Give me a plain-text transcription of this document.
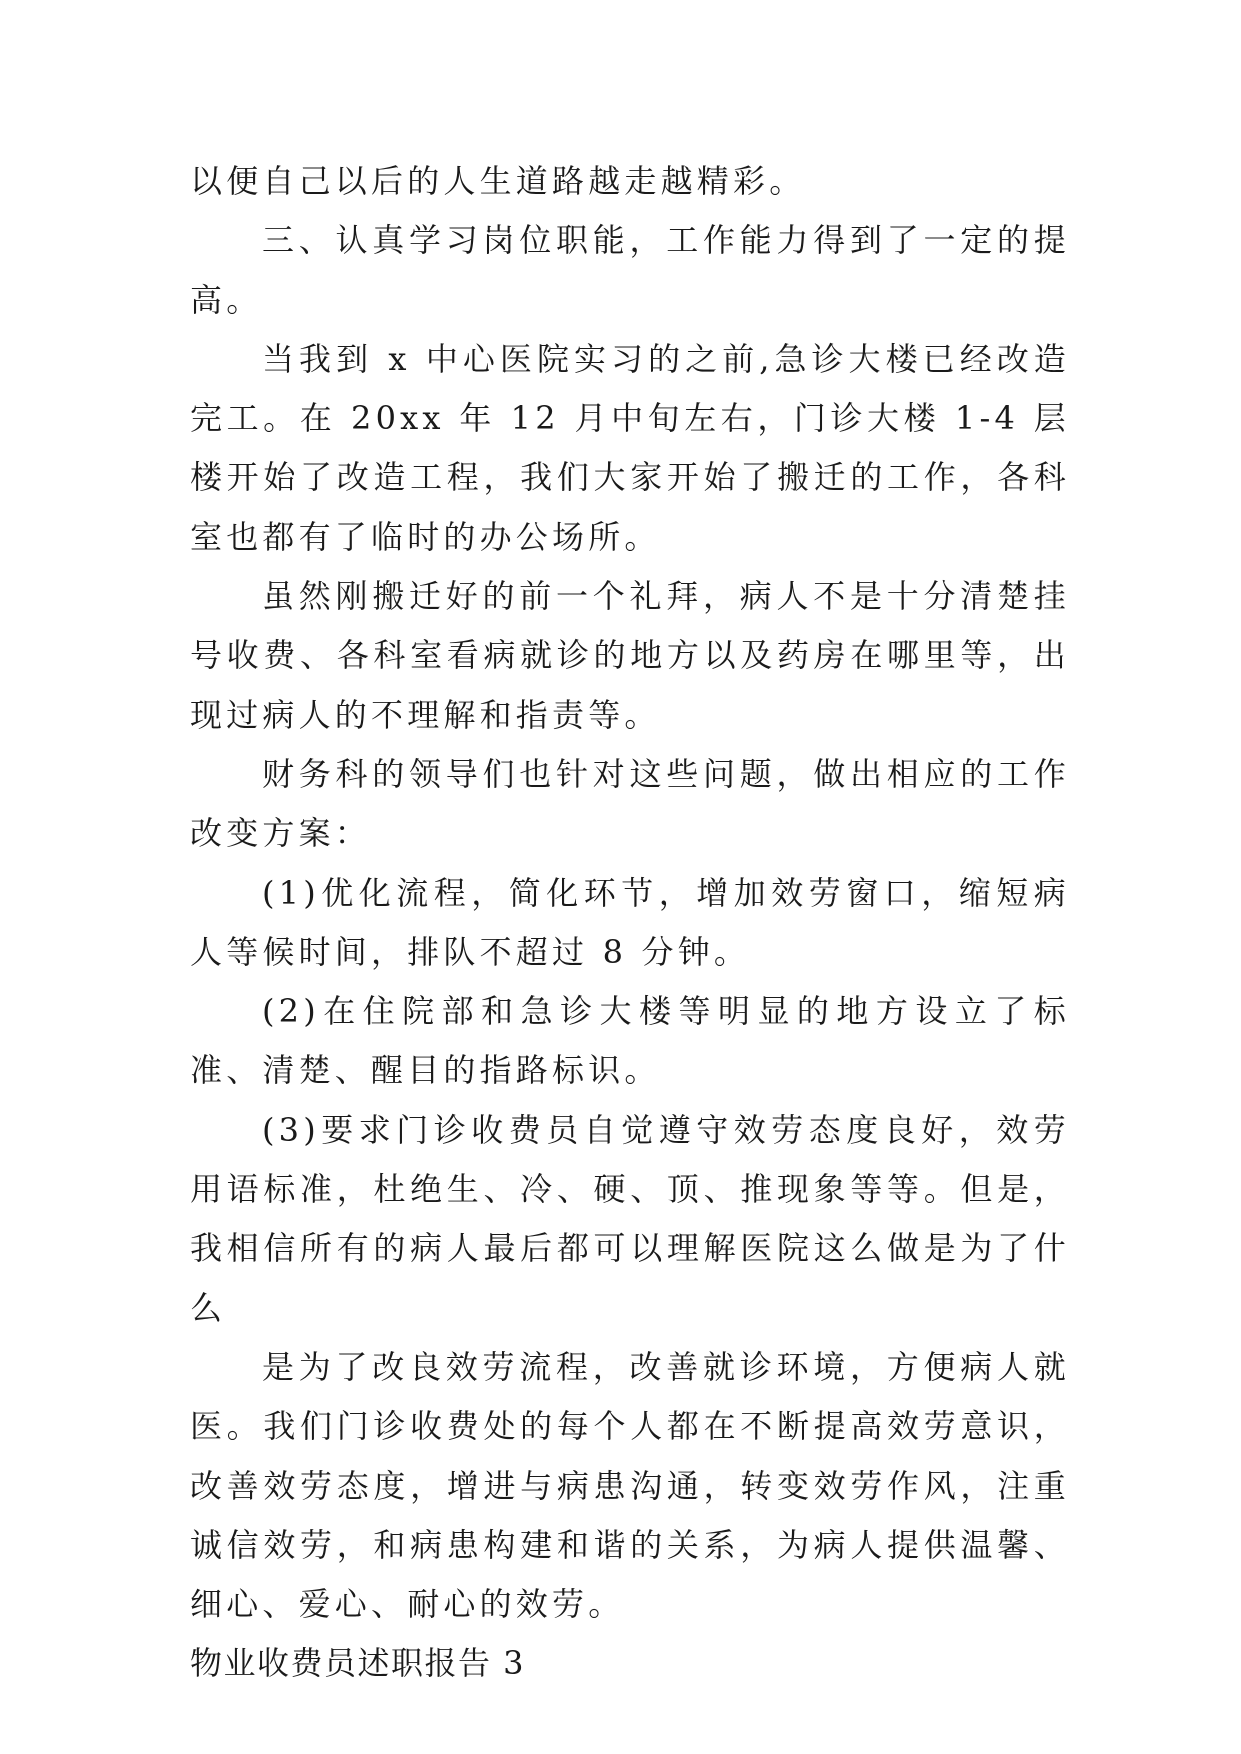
以便自己以后的人生道路越走越精彩。

三、认真学习岗位职能，工作能力得到了一定的提高。

当我到 x 中心医院实习的之前,急诊大楼已经改造完工。在 20xx 年 12 月中旬左右，门诊大楼 1-4 层楼开始了改造工程，我们大家开始了搬迁的工作，各科室也都有了临时的办公场所。

虽然刚搬迁好的前一个礼拜，病人不是十分清楚挂号收费、各科室看病就诊的地方以及药房在哪里等，出现过病人的不理解和指责等。

财务科的领导们也针对这些问题，做出相应的工作改变方案：

(1)优化流程，简化环节，增加效劳窗口，缩短病人等候时间，排队不超过 8 分钟。

(2)在住院部和急诊大楼等明显的地方设立了标准、清楚、醒目的指路标识。

(3)要求门诊收费员自觉遵守效劳态度良好，效劳用语标准，杜绝生、冷、硬、顶、推现象等等。但是，我相信所有的病人最后都可以理解医院这么做是为了什么

是为了改良效劳流程，改善就诊环境，方便病人就医。我们门诊收费处的每个人都在不断提高效劳意识，改善效劳态度，增进与病患沟通，转变效劳作风，注重诚信效劳，和病患构建和谐的关系，为病人提供温馨、细心、爱心、耐心的效劳。

物业收费员述职报告 3
